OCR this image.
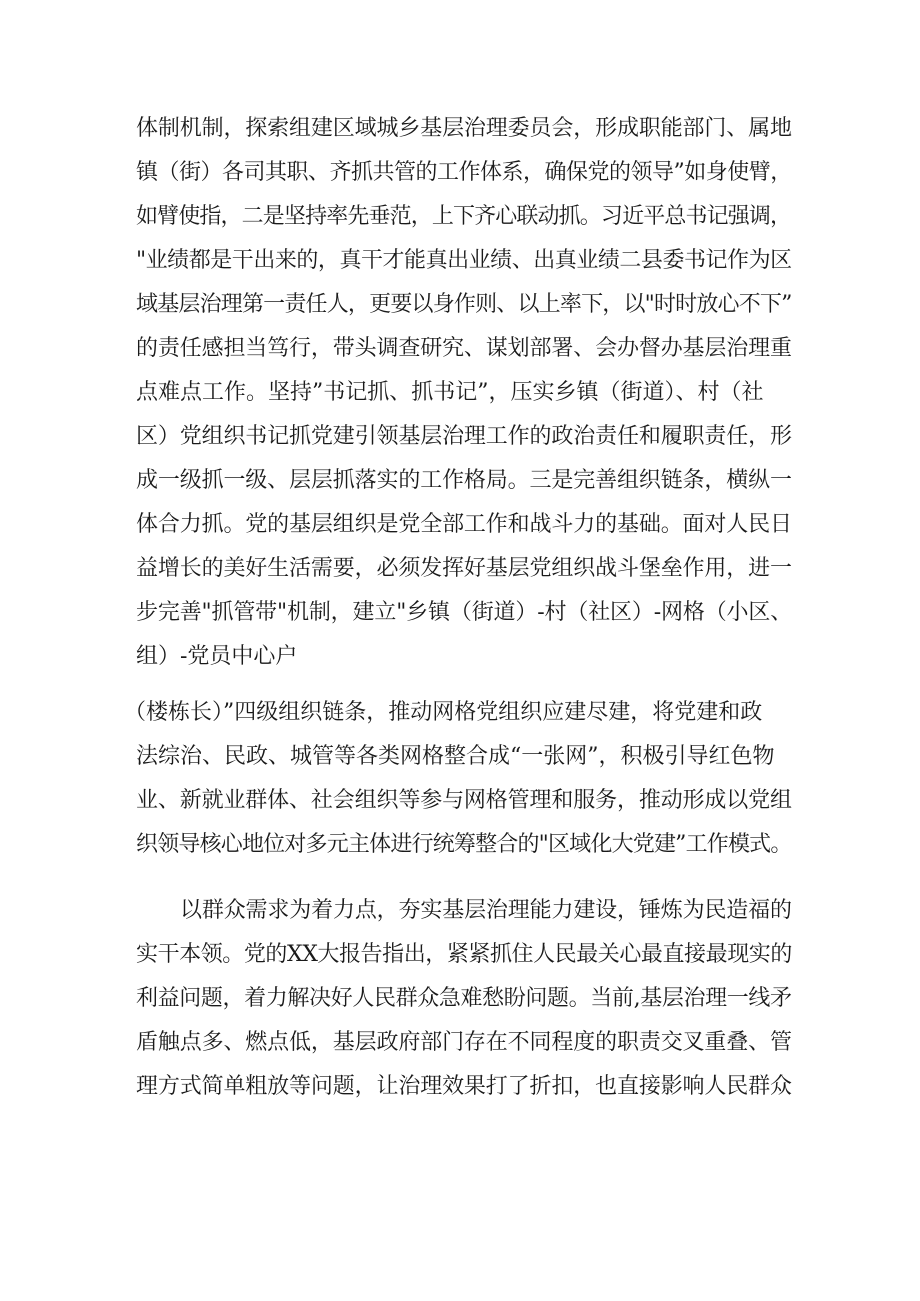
体制机制，探索组建区域城乡基层治理委员会，形成职能部门、属地
镇（街）各司其职、齐抓共管的工作体系，确保党的领导”如身使臂，
如臂使指，二是坚持率先垂范，上下齐心联动抓。习近平总书记强调，
"业绩都是干出来的，真干才能真出业绩、出真业绩二县委书记作为区
域基层治理第一责任人，更要以身作则、以上率下，以"时时放心不下”
的责任感担当笃行，带头调查研究、谋划部署、会办督办基层治理重
点难点工作。坚持”书记抓、抓书记”，压实乡镇（街道）、村（社
区）党组织书记抓党建引领基层治理工作的政治责任和履职责任，形
成一级抓一级、层层抓落实的工作格局。三是完善组织链条，横纵一
体合力抓。党的基层组织是党全部工作和战斗力的基础。面对人民日
益增长的美好生活需要，必须发挥好基层党组织战斗堡垒作用，进一
步完善"抓管带"机制，建立"乡镇（街道）-村（社区）-网格（小区、
组）-党员中心户
（楼栋长）”四级组织链条，推动网格党组织应建尽建，将党建和政
法综治、民政、城管等各类网格整合成“一张网”，积极引导红色物
业、新就业群体、社会组织等参与网格管理和服务，推动形成以党组
织领导核心地位对多元主体进行统筹整合的"区域化大党建”工作模式。
以群众需求为着力点，夯实基层治理能力建设，锤炼为民造福的
实干本领。党的XX大报告指出，紧紧抓住人民最关心最直接最现实的
利益问题，着力解决好人民群众急难愁盼问题。当前,基层治理一线矛
盾触点多、燃点低，基层政府部门存在不同程度的职责交叉重叠、管
理方式简单粗放等问题，让治理效果打了折扣，也直接影响人民群众
